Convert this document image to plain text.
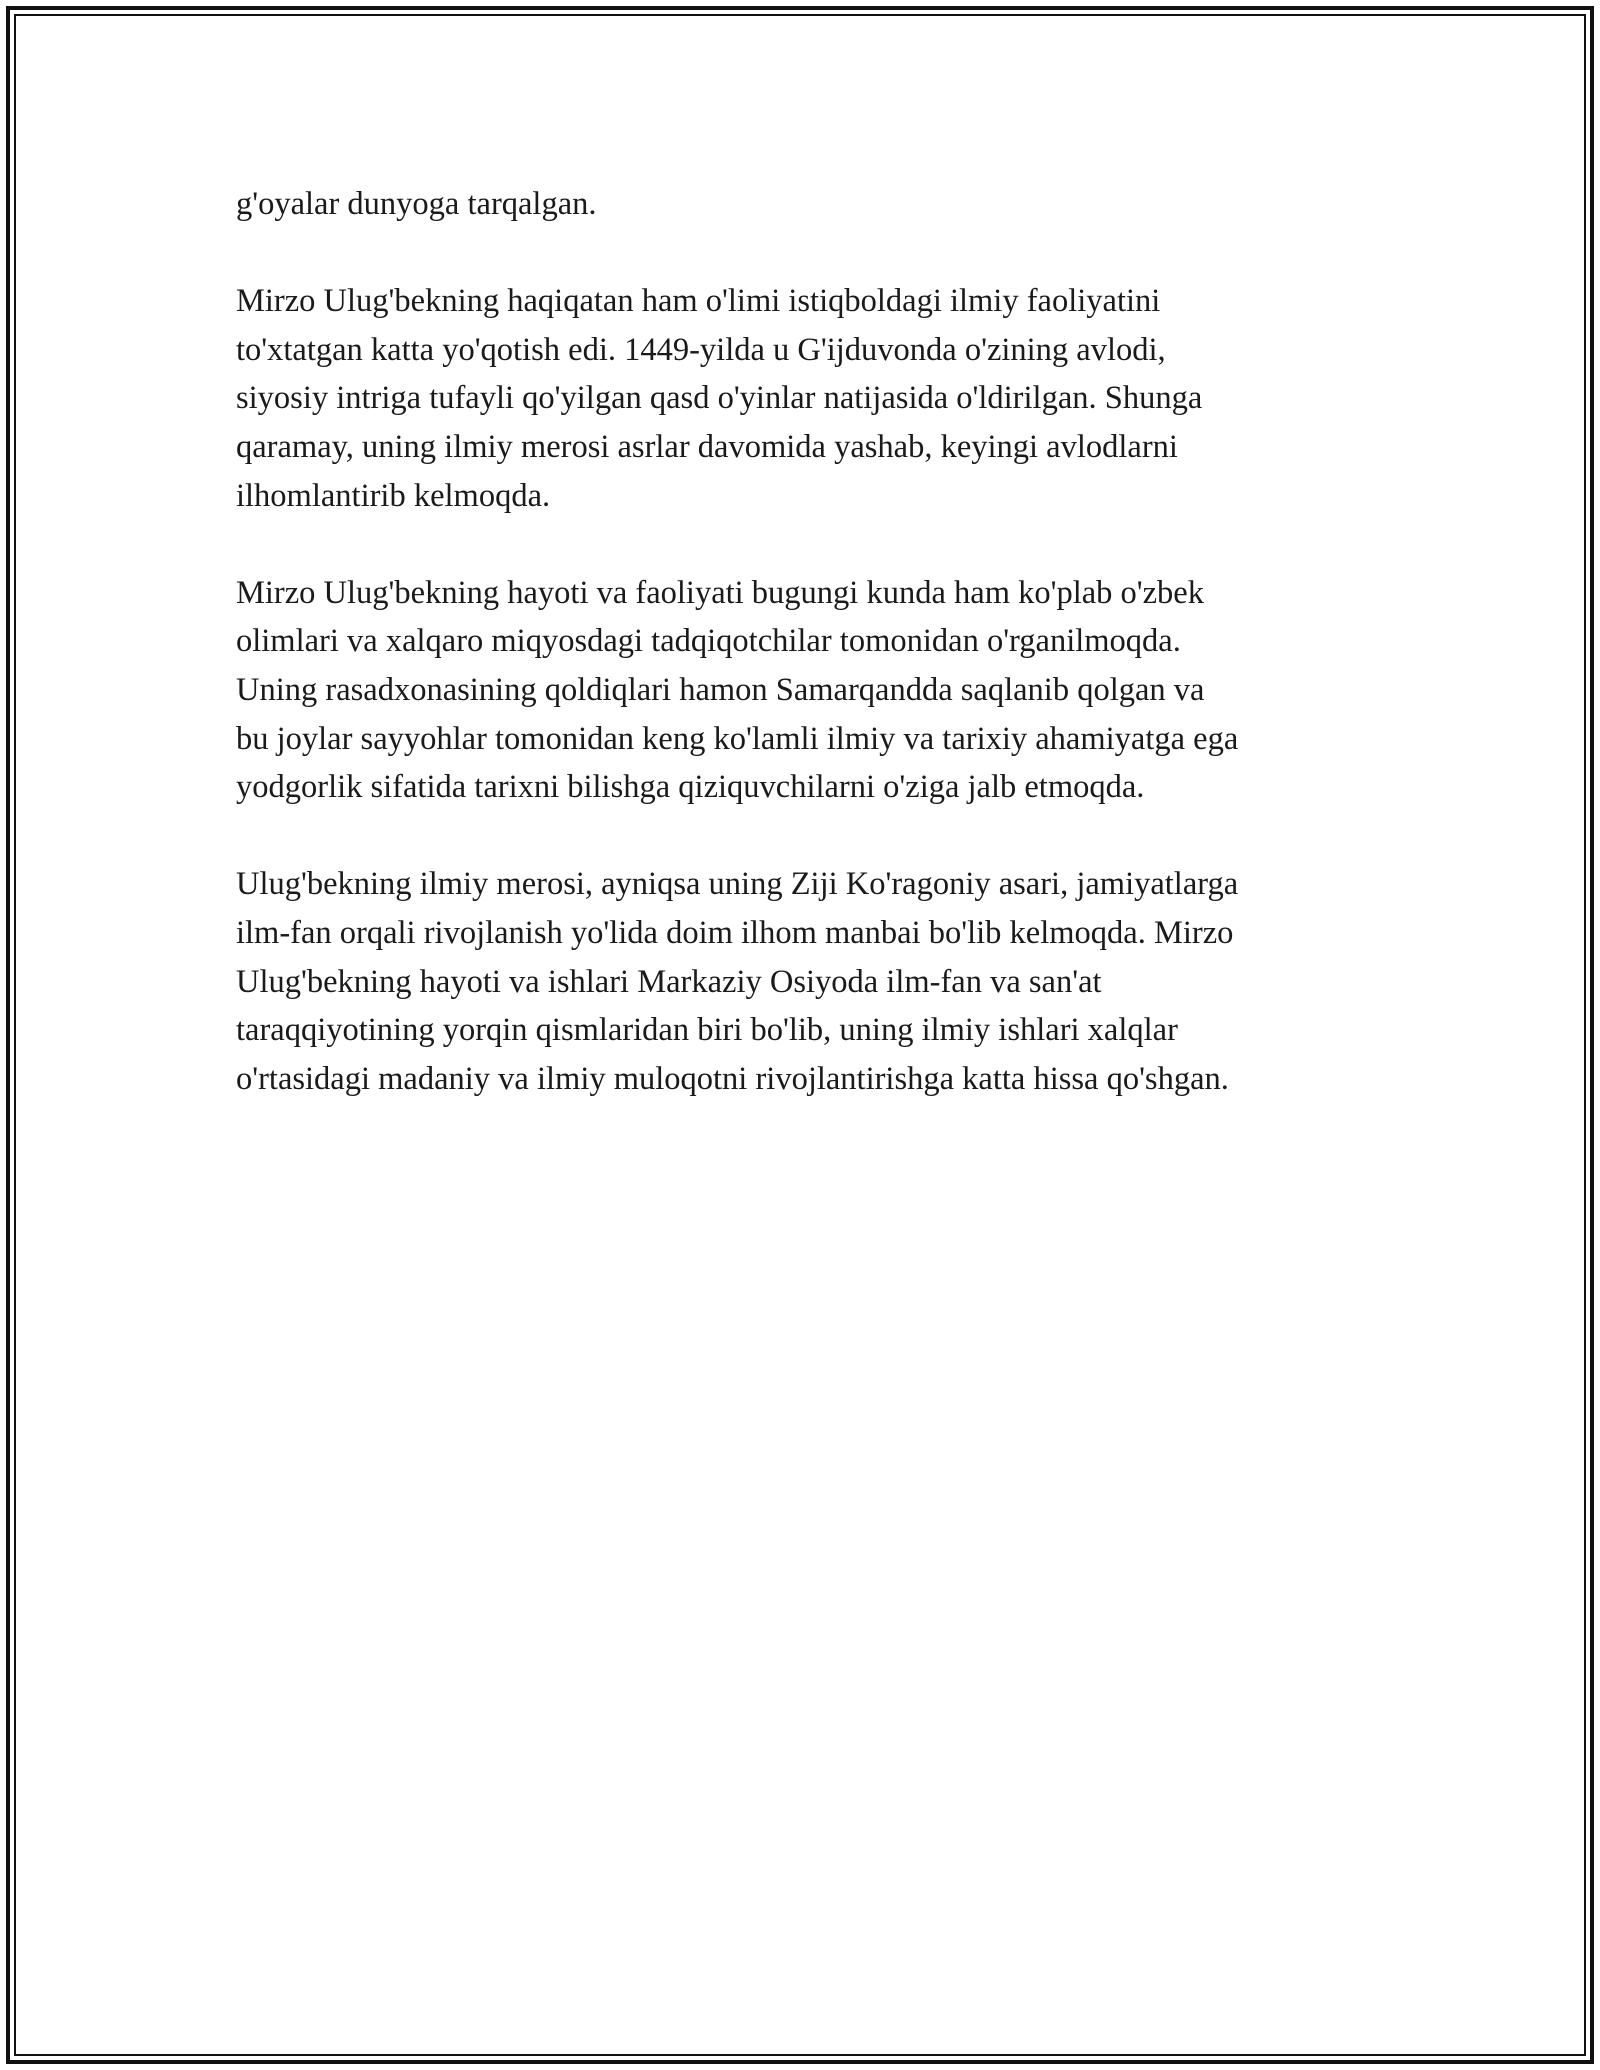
g'oyalar dunyoga tarqalgan.

Mirzo Ulug'bekning haqiqatan ham o'limi istiqboldagi ilmiy faoliyatini
to'xtatgan katta yo'qotish edi. 1449-yilda u G'ijduvonda o'zining avlodi,
siyosiy intriga tufayli qo'yilgan qasd o'yinlar natijasida o'ldirilgan. Shunga
qaramay, uning ilmiy merosi asrlar davomida yashab, keyingi avlodlarni
ilhomlantirib kelmoqda.

Mirzo Ulug'bekning hayoti va faoliyati bugungi kunda ham ko'plab o'zbek
olimlari va xalqaro miqyosdagi tadqiqotchilar tomonidan o'rganilmoqda.
Uning rasadxonasining qoldiqlari hamon Samarqandda saqlanib qolgan va
bu joylar sayyohlar tomonidan keng ko'lamli ilmiy va tarixiy ahamiyatga ega
yodgorlik sifatida tarixni bilishga qiziquvchilarni o'ziga jalb etmoqda.

Ulug'bekning ilmiy merosi, ayniqsa uning Ziji Ko'ragoniy asari, jamiyatlarga
ilm-fan orqali rivojlanish yo'lida doim ilhom manbai bo'lib kelmoqda. Mirzo
Ulug'bekning hayoti va ishlari Markaziy Osiyoda ilm-fan va san'at
taraqqiyotining yorqin qismlaridan biri bo'lib, uning ilmiy ishlari xalqlar
o'rtasidagi madaniy va ilmiy muloqotni rivojlantirishga katta hissa qo'shgan.
